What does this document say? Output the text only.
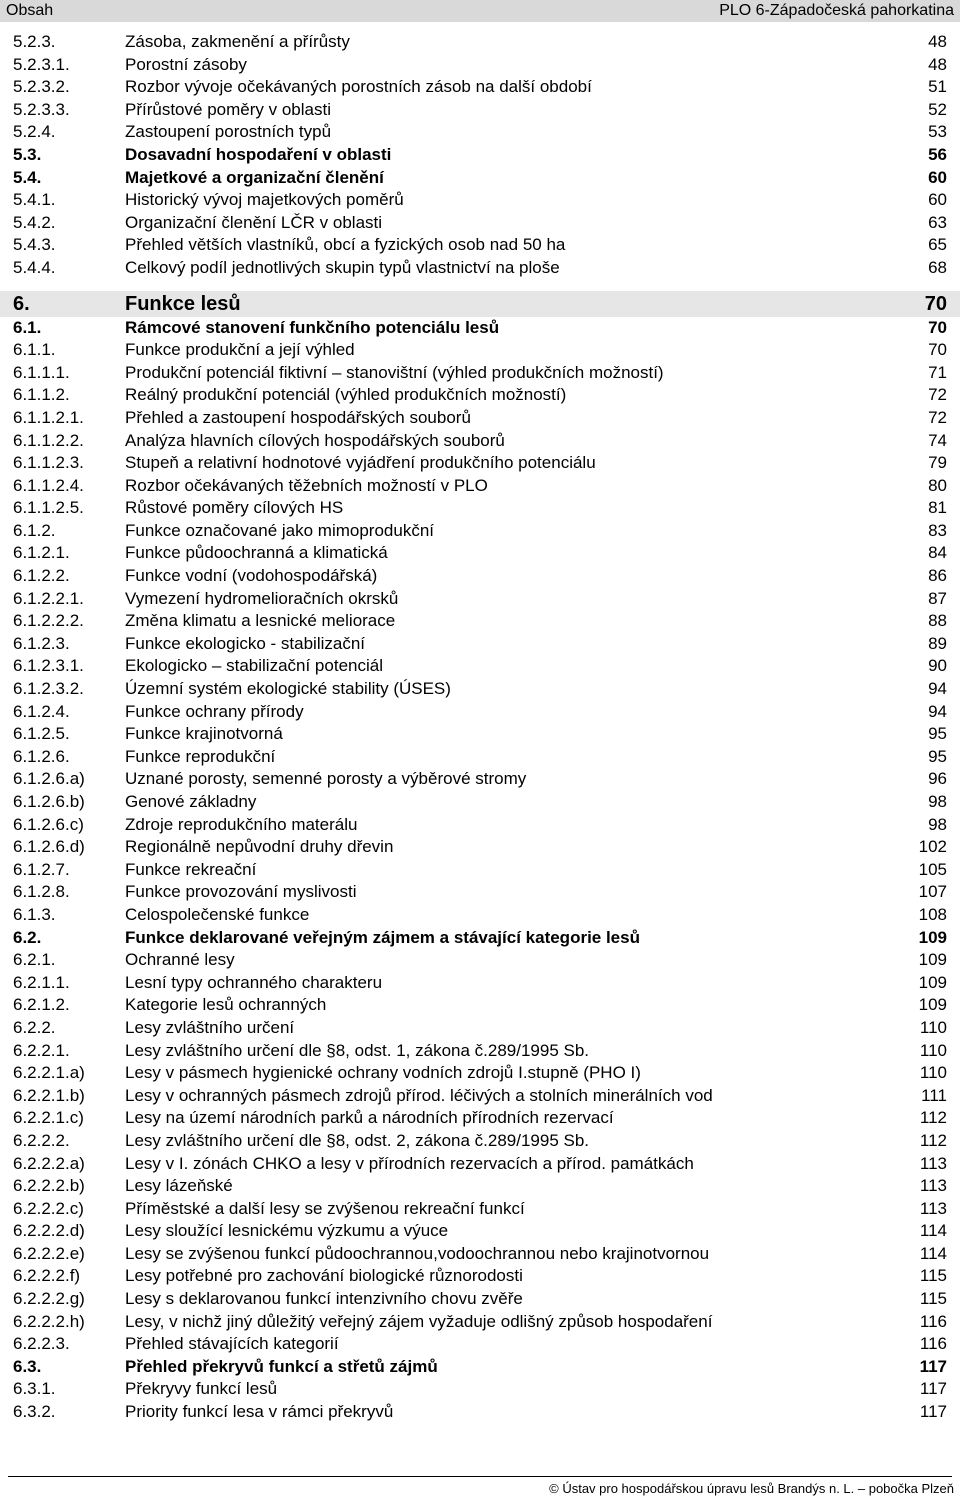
Obsah	PLO 6-Západočeská pahorkatina
5.2.3.	Zásoba, zakmenění a přírůsty	48
5.2.3.1.	Porostní zásoby	48
5.2.3.2.	Rozbor vývoje očekávaných porostních zásob na další období	51
5.2.3.3.	Přírůstové poměry v oblasti	52
5.2.4.	Zastoupení porostních typů	53
5.3.	Dosavadní hospodaření v oblasti	56
5.4.	Majetkové a organizační členění	60
5.4.1.	Historický vývoj majetkových poměrů	60
5.4.2.	Organizační členění LČR v oblasti	63
5.4.3.	Přehled větších vlastníků, obcí a fyzických osob nad 50 ha	65
5.4.4.	Celkový podíl jednotlivých skupin typů vlastnictví na ploše	68
6.	Funkce lesů	70
6.1.	Rámcové stanovení funkčního potenciálu lesů	70
6.1.1.	Funkce produkční a její výhled	70
6.1.1.1.	Produkční potenciál fiktivní – stanovištní (výhled produkčních možností)	71
6.1.1.2.	Reálný produkční potenciál (výhled produkčních možností)	72
6.1.1.2.1. Přehled a zastoupení hospodářských souborů	72
6.1.1.2.2. Analýza hlavních cílových hospodářských souborů	74
6.1.1.2.3. Stupeň a relativní hodnotové vyjádření produkčního potenciálu	79
6.1.1.2.4. Rozbor očekávaných těžebních možností v PLO	80
6.1.1.2.5. Růstové poměry cílových HS	81
6.1.2.	Funkce označované jako mimoprodukční	83
6.1.2.1.	Funkce půdoochranná a klimatická	84
6.1.2.2.	Funkce vodní (vodohospodářská)	86
6.1.2.2.1. Vymezení hydromelioračních okrsků	87
6.1.2.2.2. Změna klimatu a lesnické meliorace	88
6.1.2.3.	Funkce ekologicko - stabilizační	89
6.1.2.3.1. Ekologicko – stabilizační potenciál	90
6.1.2.3.2. Územní systém ekologické stability (ÚSES)	94
6.1.2.4.	Funkce ochrany přírody	94
6.1.2.5.	Funkce krajinotvorná	95
6.1.2.6.	Funkce reprodukční	95
6.1.2.6.a) Uznané porosty, semenné porosty a výběrové stromy	96
6.1.2.6.b) Genové základny	98
6.1.2.6.c) Zdroje reprodukčního materálu	98
6.1.2.6.d) Regionálně nepůvodní druhy dřevin	102
6.1.2.7.	Funkce rekreační	105
6.1.2.8.	Funkce provozování myslivosti	107
6.1.3.	Celospolečenské funkce	108
6.2.	Funkce deklarované veřejným zájmem a stávající kategorie lesů	109
6.2.1.	Ochranné lesy	109
6.2.1.1.	Lesní typy ochranného charakteru	109
6.2.1.2.	Kategorie lesů ochranných	109
6.2.2.	Lesy zvláštního určení	110
6.2.2.1.	Lesy zvláštního určení dle §8, odst. 1, zákona č.289/1995 Sb.	110
6.2.2.1.a) Lesy v pásmech hygienické ochrany vodních zdrojů I.stupně (PHO I)	110
6.2.2.1.b) Lesy v ochranných pásmech zdrojů přírod. léčivých a stolních minerálních vod	111
6.2.2.1.c) Lesy na území národních parků a národních přírodních rezervací	112
6.2.2.2.	Lesy zvláštního určení dle §8, odst. 2, zákona č.289/1995 Sb.	112
6.2.2.2.a) Lesy v I. zónách CHKO a lesy v přírodních rezervacích a přírod. památkách	113
6.2.2.2.b) Lesy lázeňské	113
6.2.2.2.c) Příměstské a další lesy se zvýšenou rekreační funkcí	113
6.2.2.2.d) Lesy sloužící lesnickému výzkumu a výuce	114
6.2.2.2.e) Lesy se zvýšenou funkcí půdoochrannou,vodoochrannou nebo krajinotvornou	114
6.2.2.2.f)	Lesy potřebné pro zachování biologické různorodosti	115
6.2.2.2.g) Lesy s deklarovanou funkcí intenzivního chovu zvěře	115
6.2.2.2.h) Lesy, v nichž jiný důležitý veřejný zájem vyžaduje odlišný způsob hospodaření	116
6.2.2.3.	Přehled stávajících kategorií	116
6.3.	Přehled překryvů funkcí a střetů zájmů	117
6.3.1.	Překryvy funkcí lesů	117
6.3.2.	Priority funkcí lesa v rámci překryvů	117
© Ústav pro hospodářskou úpravu lesů Brandýs n. L. – pobočka Plzeň
